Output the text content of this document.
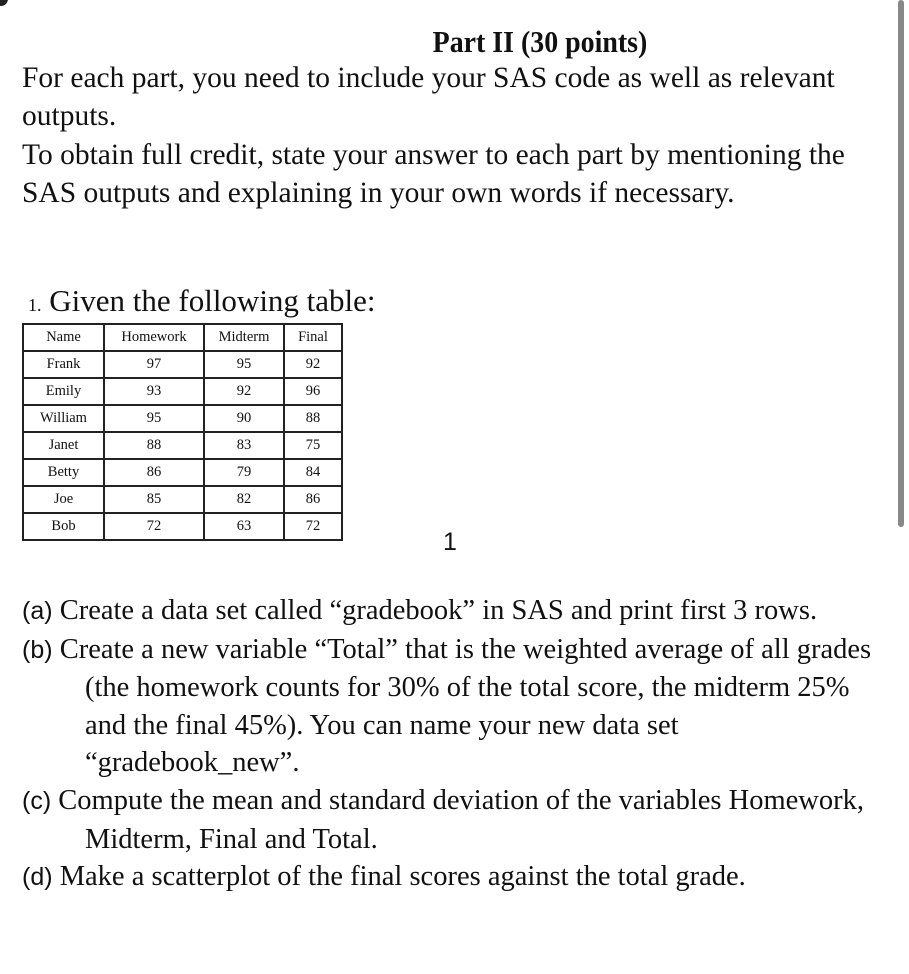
Part II (30 points)

For each part, you need to include your SAS code as well as relevant outputs.

To obtain full credit, state your answer to each part by mentioning the SAS outputs and explaining in your own words if necessary.

1. Given the following table:
Name	Homework	Midterm	Final
Frank	97	95	92
Emily	93	92	96
William	95	90	88
Janet	88	83	75
Betty	86	79	84
Joe	85	82	86
Bob	72	63	72
1
(a) Create a data set called “gradebook” in SAS and print first 3 rows.
(b) Create a new variable “Total” that is the weighted average of all grades (the homework counts for 30% of the total score, the midterm 25% and the final 45%). You can name your new data set “gradebook_new”.
(c) Compute the mean and standard deviation of the variables Homework, Midterm, Final and Total.
(d) Make a scatterplot of the final scores against the total grade.
